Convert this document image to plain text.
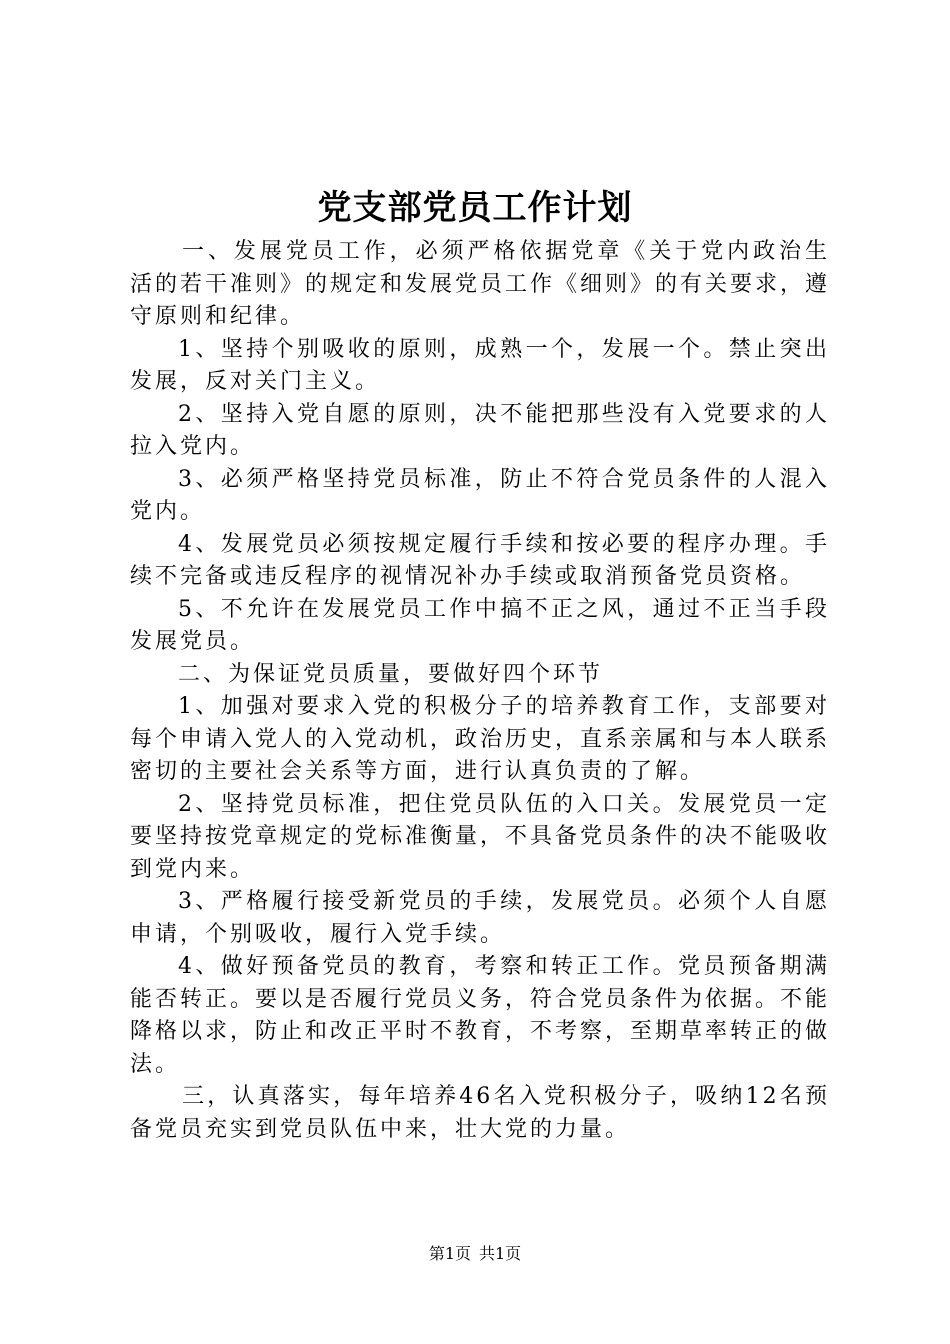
党支部党员工作计划

一、发展党员工作，必须严格依据党章《关于党内政治生活的若干准则》的规定和发展党员工作《细则》的有关要求，遵守原则和纪律。

1、坚持个别吸收的原则，成熟一个，发展一个。禁止突出发展，反对关门主义。

2、坚持入党自愿的原则，决不能把那些没有入党要求的人拉入党内。

3、必须严格坚持党员标准，防止不符合党员条件的人混入党内。

4、发展党员必须按规定履行手续和按必要的程序办理。手续不完备或违反程序的视情况补办手续或取消预备党员资格。

5、不允许在发展党员工作中搞不正之风，通过不正当手段发展党员。

二、为保证党员质量，要做好四个环节

1、加强对要求入党的积极分子的培养教育工作，支部要对每个申请入党人的入党动机，政治历史，直系亲属和与本人联系密切的主要社会关系等方面，进行认真负责的了解。

2、坚持党员标准，把住党员队伍的入口关。发展党员一定要坚持按党章规定的党标准衡量，不具备党员条件的决不能吸收到党内来。

3、严格履行接受新党员的手续，发展党员。必须个人自愿申请，个别吸收，履行入党手续。

4、做好预备党员的教育，考察和转正工作。党员预备期满能否转正。要以是否履行党员义务，符合党员条件为依据。不能降格以求，防止和改正平时不教育，不考察，至期草率转正的做法。

三，认真落实，每年培养46名入党积极分子，吸纳12名预备党员充实到党员队伍中来，壮大党的力量。

第1页 共1页
